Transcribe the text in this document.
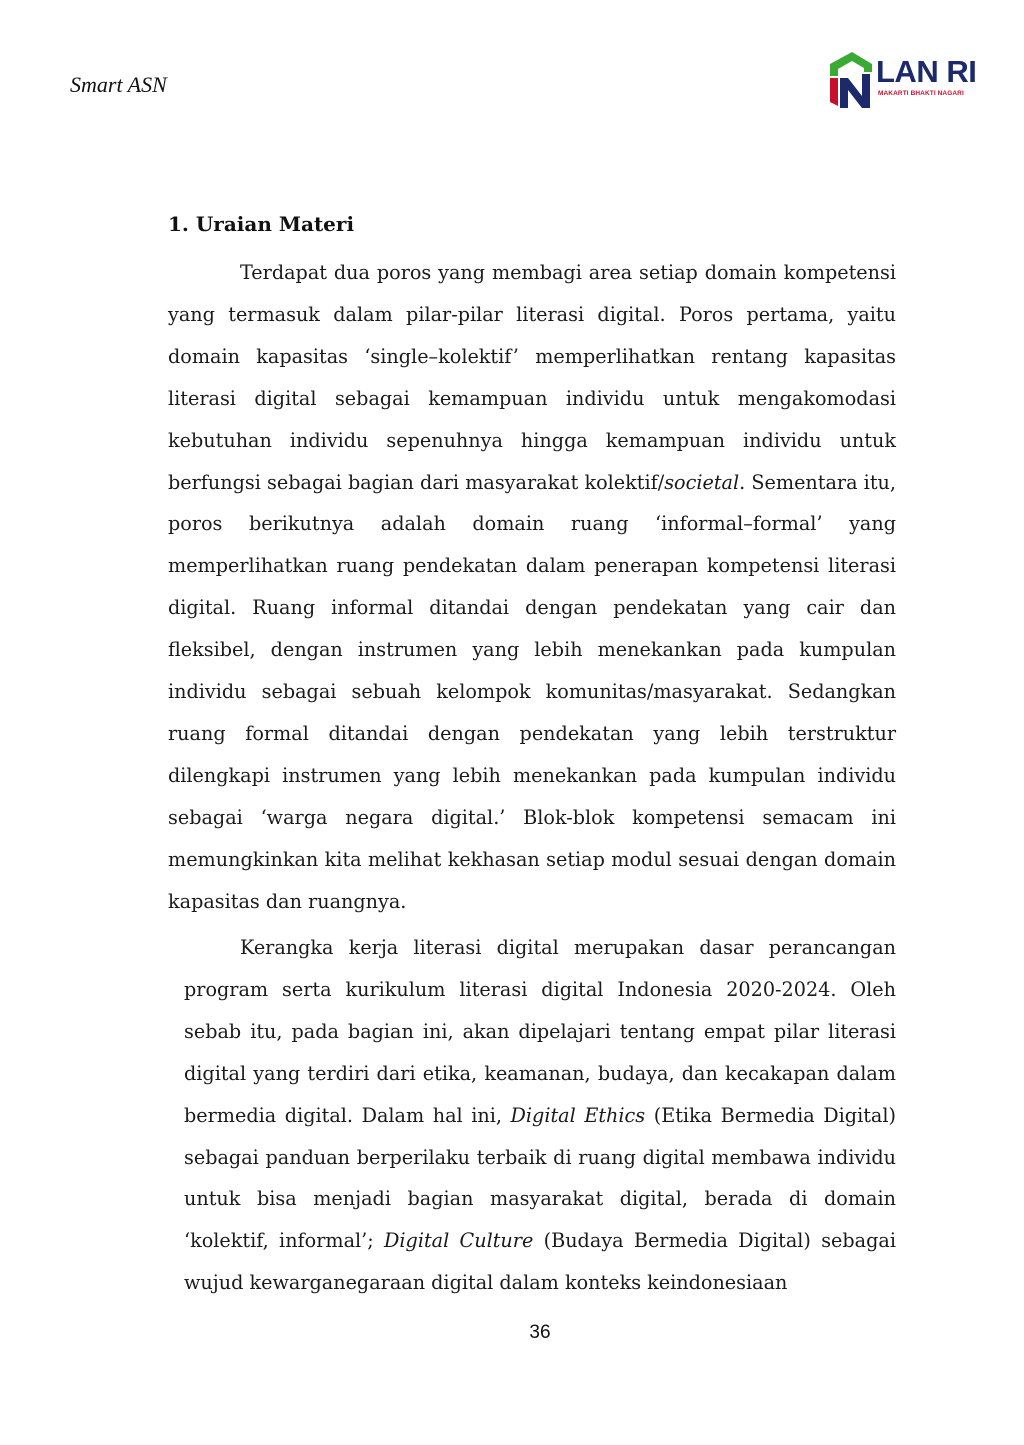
Smart ASN	LAN RI
MAKARTI BHAKTI NAGARI
1. Uraian Materi

Terdapat dua poros yang membagi area setiap domain kompetensi yang termasuk dalam pilar-pilar literasi digital. Poros pertama, yaitu domain kapasitas ‘single–kolektif’ memperlihatkan rentang kapasitas literasi digital sebagai kemampuan individu untuk mengakomodasi kebutuhan individu sepenuhnya hingga kemampuan individu untuk berfungsi sebagai bagian dari masyarakat kolektif/societal. Sementara itu, poros berikutnya adalah domain ruang ‘informal–formal’ yang memperlihatkan ruang pendekatan dalam penerapan kompetensi literasi digital. Ruang informal ditandai dengan pendekatan yang cair dan fleksibel, dengan instrumen yang lebih menekankan pada kumpulan individu sebagai sebuah kelompok komunitas/masyarakat. Sedangkan ruang formal ditandai dengan pendekatan yang lebih terstruktur dilengkapi instrumen yang lebih menekankan pada kumpulan individu sebagai ‘warga negara digital.’ Blok-blok kompetensi semacam ini memungkinkan kita melihat kekhasan setiap modul sesuai dengan domain kapasitas dan ruangnya.

Kerangka kerja literasi digital merupakan dasar perancangan program serta kurikulum literasi digital Indonesia 2020-2024. Oleh sebab itu, pada bagian ini, akan dipelajari tentang empat pilar literasi digital yang terdiri dari etika, keamanan, budaya, dan kecakapan dalam bermedia digital. Dalam hal ini, Digital Ethics (Etika Bermedia Digital) sebagai panduan berperilaku terbaik di ruang digital membawa individu untuk bisa menjadi bagian masyarakat digital, berada di domain ‘kolektif, informal’; Digital Culture (Budaya Bermedia Digital) sebagai wujud kewarganegaraan digital dalam konteks keindonesiaan

36
